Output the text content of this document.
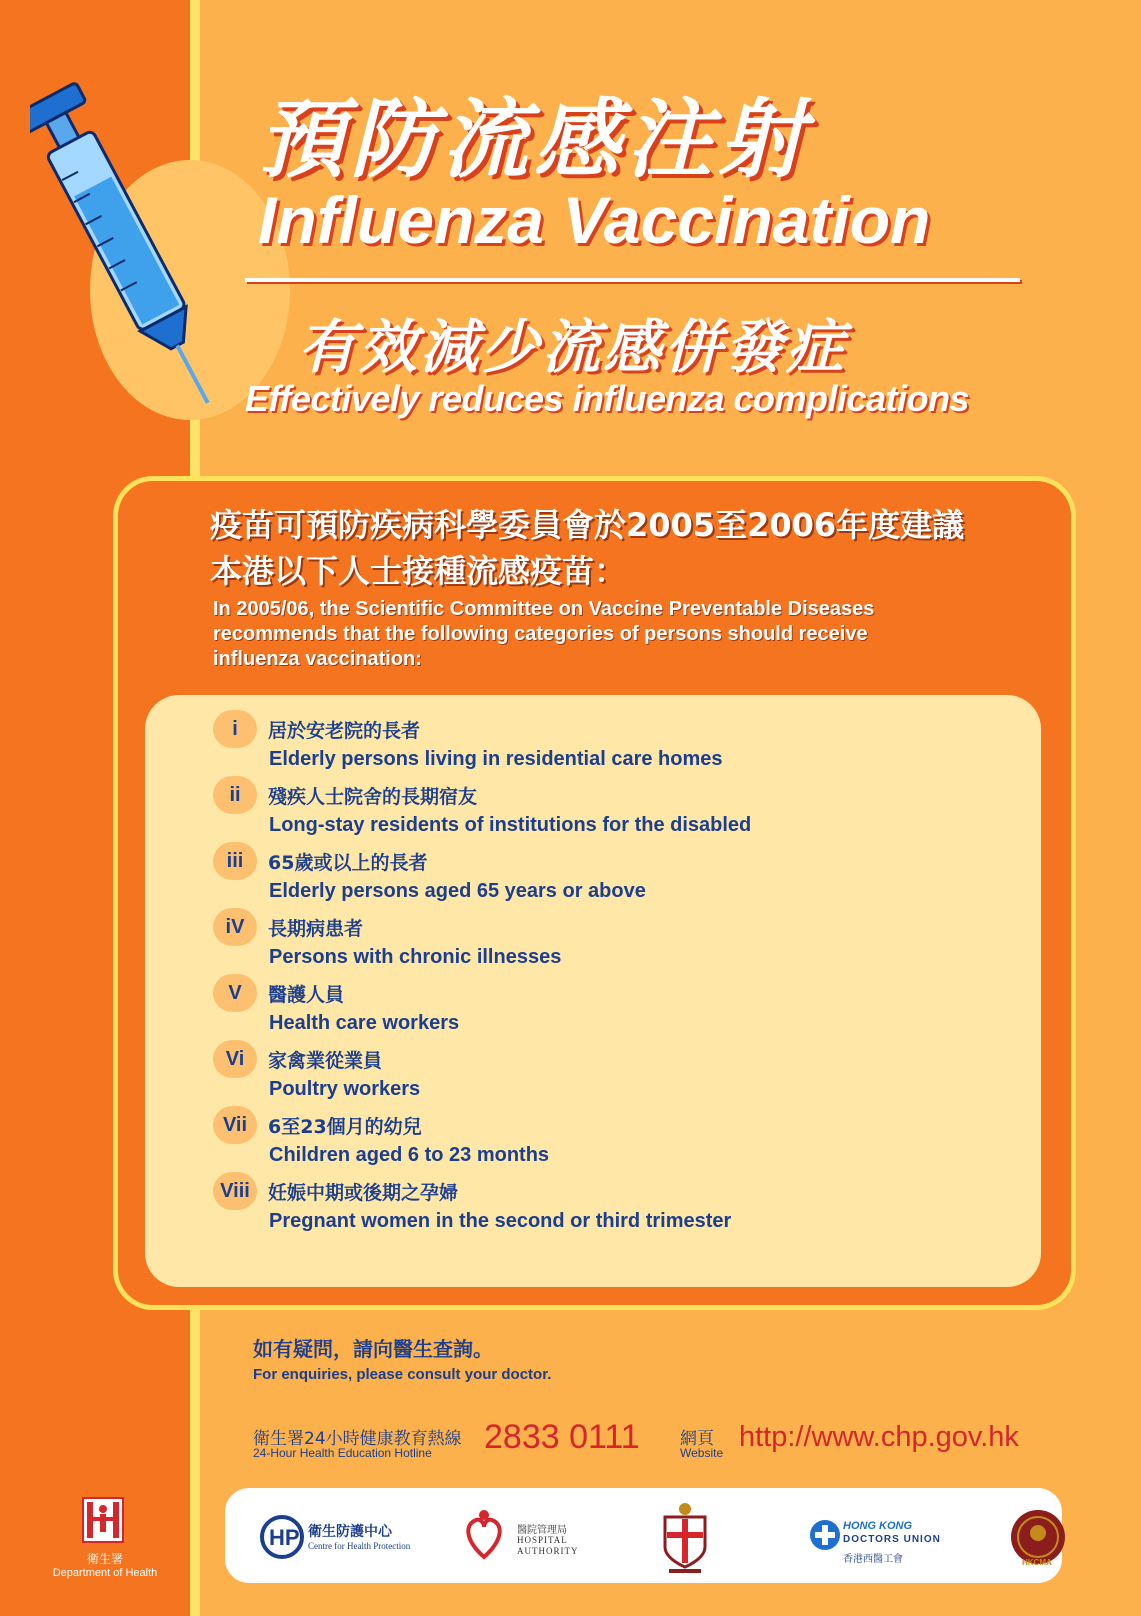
預防流感注射
Influenza Vaccination
有效減少流感併發症
Effectively reduces influenza complications
疫苗可預防疾病科學委員會於2005至2006年度建議
本港以下人士接種流感疫苗：
In 2005/06, the Scientific Committee on Vaccine Preventable Diseases
recommends that the following categories of persons should receive
influenza vaccination:
i	居於安老院的長者
Elderly persons living in residential care homes
ii	殘疾人士院舍的長期宿友
Long-stay residents of institutions for the disabled
iii	65歲或以上的長者
Elderly persons aged 65 years or above
iV	長期病患者
Persons with chronic illnesses
V	醫護人員
Health care workers
Vi	家禽業從業員
Poultry workers
Vii	6至23個月的幼兒
Children aged 6 to 23 months
Viii 妊娠中期或後期之孕婦
Pregnant women in the second or third trimester
如有疑問，請向醫生查詢。
For enquiries, please consult your doctor.
衛生署24小時健康教育熱線
24-Hour Health Education Hotline 2833 0111 網頁
Website http://www.chp.gov.hk
衛生署
Department of Health
HP 衛生防護中心
Centre for Health Protection
醫院管理局
HOSPITAL
AUTHORITY
HONG KONG
DOCTORS UNION
香港西醫工會	HKCMA
